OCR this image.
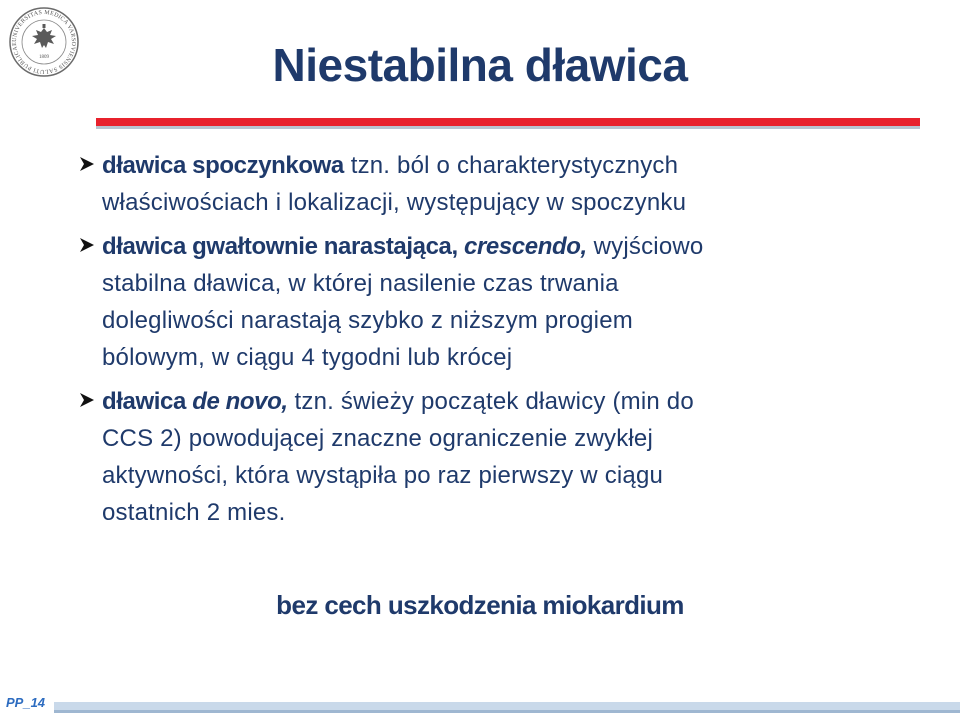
UNIVERSITAS MEDICA VARSOVIENSIS SALUTI PUBLICAE
1809	Niestabilna dławica
dławica spoczynkowa tzn. ból o charakterystycznych
właściwościach i lokalizacji, występujący w spoczynku
dławica gwałtownie narastająca, crescendo, wyjściowo
stabilna dławica, w której nasilenie czas trwania
dolegliwości narastają szybko z niższym progiem
bólowym, w ciągu 4 tygodni lub krócej
dławica de novo, tzn. świeży początek dławicy (min do
CCS 2) powodującej znaczne ograniczenie zwykłej
aktywności, która wystąpiła po raz pierwszy w ciągu
ostatnich 2 mies.
bez cech uszkodzenia miokardium
PP_14
